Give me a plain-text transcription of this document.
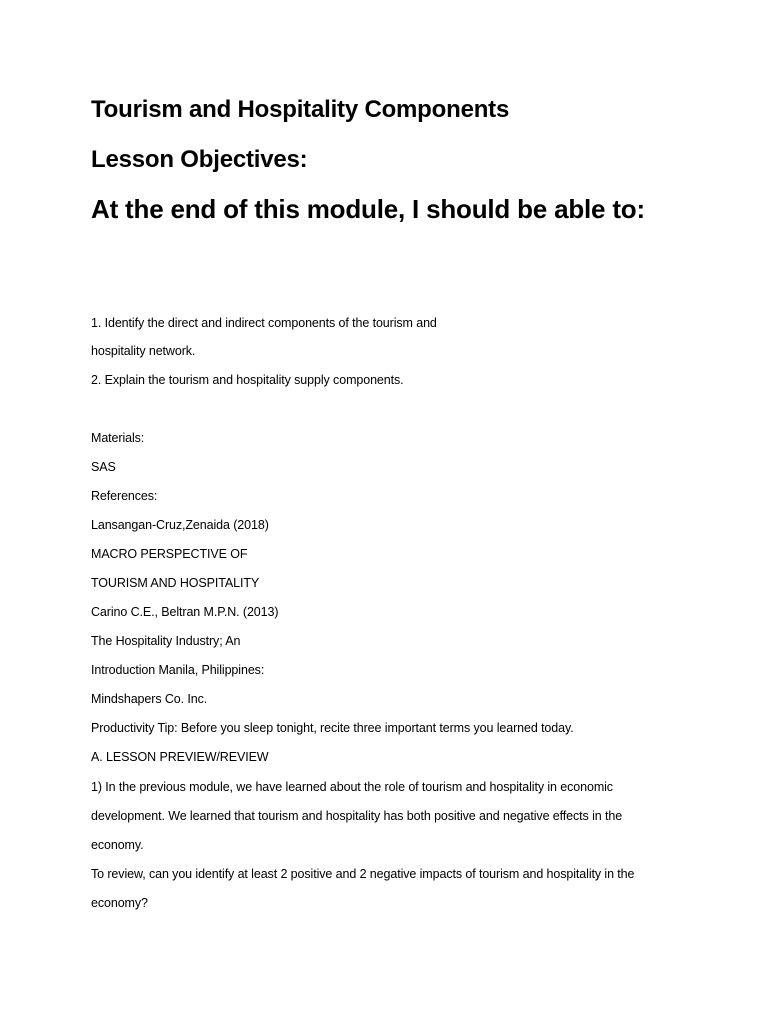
Tourism and Hospitality Components
Lesson Objectives:
At the end of this module, I should be able to:

1. Identify the direct and indirect components of the tourism and

hospitality network.

2. Explain the tourism and hospitality supply components.

Materials:

SAS

References:

Lansangan-Cruz,Zenaida (2018)

MACRO PERSPECTIVE OF

TOURISM AND HOSPITALITY

Carino C.E., Beltran M.P.N. (2013)

The Hospitality Industry; An

Introduction Manila, Philippines:

Mindshapers Co. Inc.

Productivity Tip: Before you sleep tonight, recite three important terms you learned today.

A. LESSON PREVIEW/REVIEW

1) In the previous module, we have learned about the role of tourism and hospitality in economic

development. We learned that tourism and hospitality has both positive and negative effects in the

economy.

To review, can you identify at least 2 positive and 2 negative impacts of tourism and hospitality in the

economy?
